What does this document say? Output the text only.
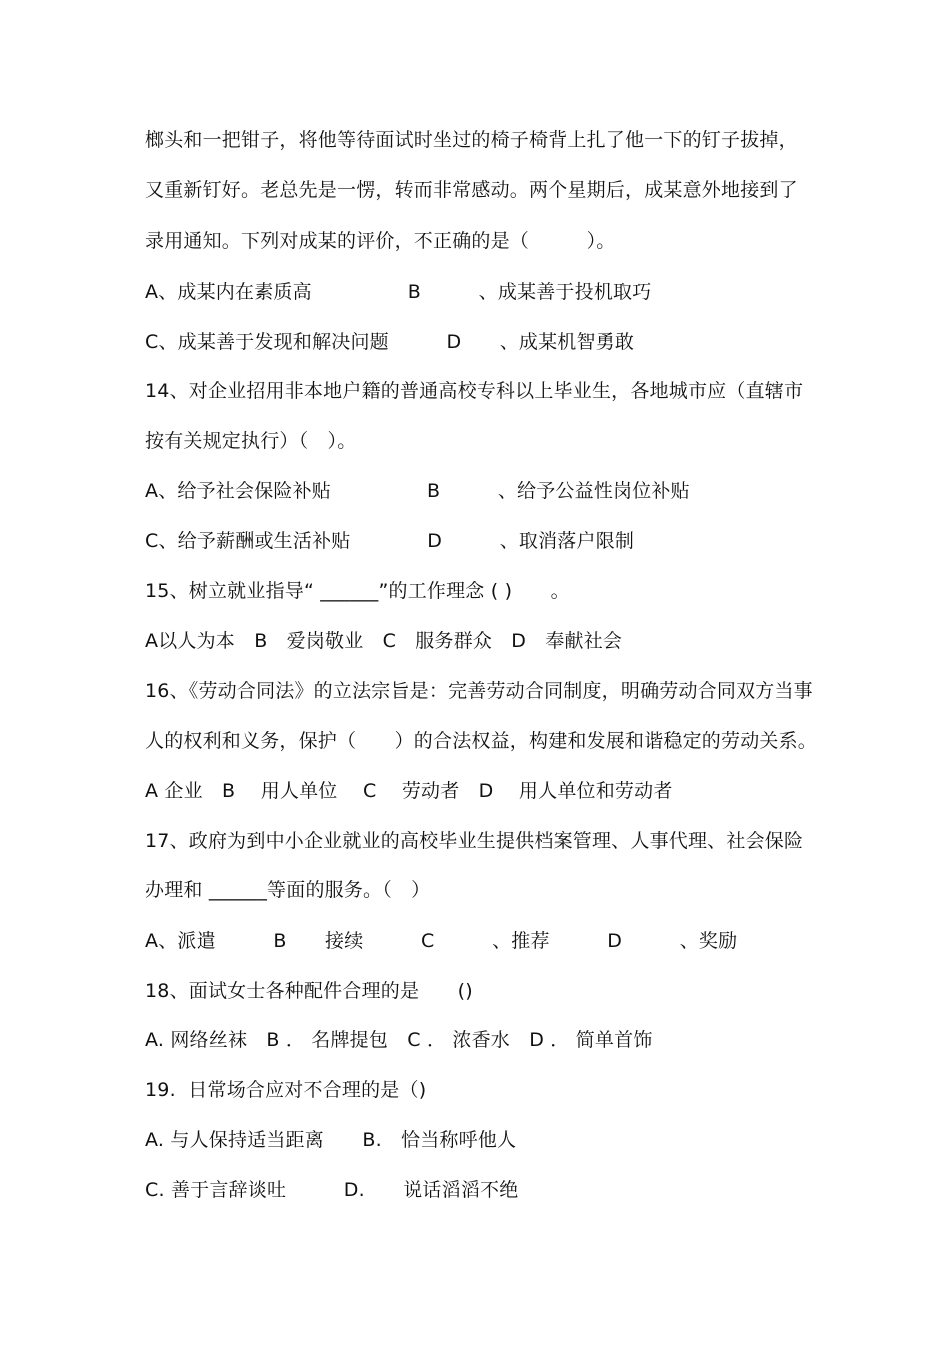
榔头和一把钳子，将他等待面试时坐过的椅子椅背上扎了他一下的钉子拔掉，
又重新钉好。老总先是一愣，转而非常感动。两个星期后，成某意外地接到了
录用通知。下列对成某的评价，不正确的是（　　　）。
A、成某内在素质高　　　　　B　　　、成某善于投机取巧
C、成某善于发现和解决问题　　　D　　、成某机智勇敢
14、对企业招用非本地户籍的普通高校专科以上毕业生，各地城市应（直辖市
按有关规定执行）（　）。
A、给予社会保险补贴　　　　　B　　　、给予公益性岗位补贴
C、给予薪酬或生活补贴　　　　D　　　、取消落户限制
15、树立就业指导“ ______”的工作理念 ( )　　。
A以人为本　B　爱岗敬业　C　服务群众　D　奉献社会
16、《劳动合同法》的立法宗旨是：完善劳动合同制度，明确劳动合同双方当事
人的权利和义务，保护（　　）的合法权益，构建和发展和谐稳定的劳动关系。
A 企业　B　 用人单位　 C　 劳动者　D　 用人单位和劳动者
17、政府为到中小企业就业的高校毕业生提供档案管理、人事代理、社会保险
办理和 ______等面的服务。（　）
A、派遣　　　B　　接续　　　C　　　、推荐　　　D　　　、奖励
18、面试女士各种配件合理的是　　()
A. 网络丝袜　B ． 名牌提包　C ． 浓香水　D ． 简单首饰
19.  日常场合应对不合理的是（)
A. 与人保持适当距离　　B.　恰当称呼他人
C. 善于言辞谈吐　　　D.　　说话滔滔不绝
